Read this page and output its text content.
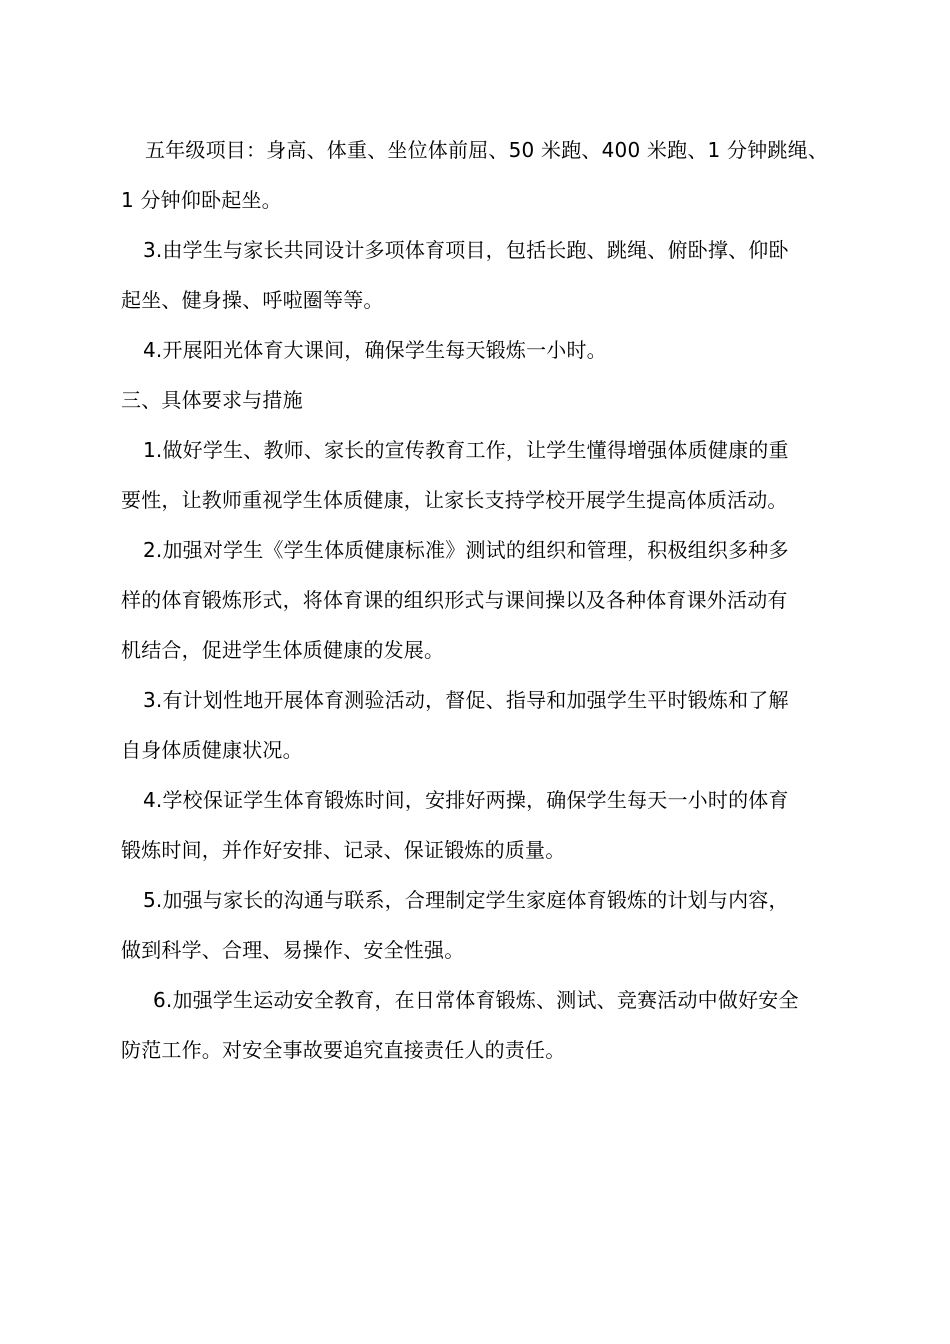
五年级项目：身高、体重、坐位体前屈、50 米跑、400 米跑、1 分钟跳绳、
1 分钟仰卧起坐。
3.由学生与家长共同设计多项体育项目，包括长跑、跳绳、俯卧撑、仰卧
起坐、健身操、呼啦圈等等。
4.开展阳光体育大课间，确保学生每天锻炼一小时。
三、具体要求与措施
1.做好学生、教师、家长的宣传教育工作，让学生懂得增强体质健康的重
要性，让教师重视学生体质健康，让家长支持学校开展学生提高体质活动。
2.加强对学生《学生体质健康标准》测试的组织和管理，积极组织多种多
样的体育锻炼形式，将体育课的组织形式与课间操以及各种体育课外活动有
机结合，促进学生体质健康的发展。
3.有计划性地开展体育测验活动，督促、指导和加强学生平时锻炼和了解
自身体质健康状况。
4.学校保证学生体育锻炼时间，安排好两操，确保学生每天一小时的体育
锻炼时间，并作好安排、记录、保证锻炼的质量。
5.加强与家长的沟通与联系，合理制定学生家庭体育锻炼的计划与内容，
做到科学、合理、易操作、安全性强。
6.加强学生运动安全教育，在日常体育锻炼、测试、竞赛活动中做好安全
防范工作。对安全事故要追究直接责任人的责任。
